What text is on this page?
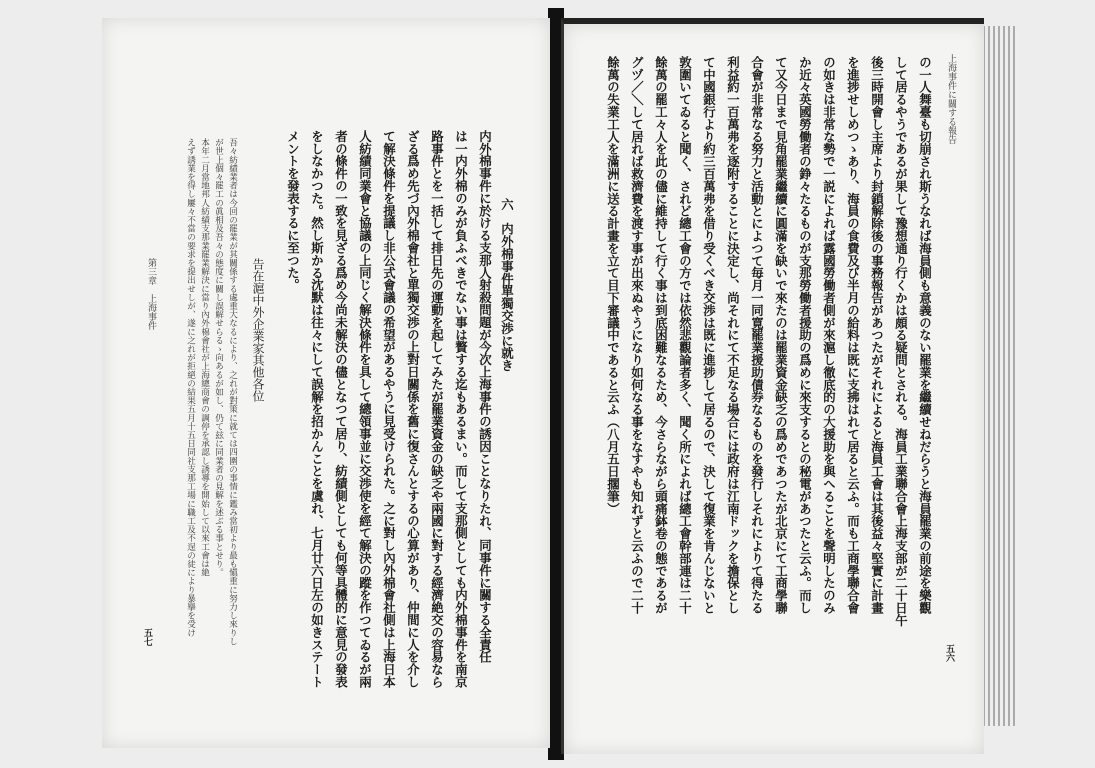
内外棉事件に於ける支那人射殺問題が今次上海事件の誘因ことなりたれ、同事件に關する全責任
は一内外棉のみが負ふべきでない事は贅する迄もあるまい。而して支那側としても内外棉事件を南京
路事件とを一括して排日先の運動を起してみたが罷業資金の缺乏や兩國に對する經濟絶交の容易なら
ざる爲め先づ內外棉會社と單獨交渉の上對日關係を舊に復さんとするの心算があり、仲間に人を介し
て解決條件を提議し非公式會議の希望があるやうに見受けられた。之に對し內外棉會社側は上海日本
人紡績同業會と協議の上同じく解決條件を具して總領事並に交渉使を經て解決の蹤を作つてゐるが兩
者の條件の一致を見ざる爲め今尚未解決の儘となつて居り、紡績側としても何等具體的に意見の發表
をしなかつた。然し斯かる沈默は往々にして誤解を招かんことを虞れ、七月廿六日左の如きステート
メントを發表するに至つた。	六　内外棉事件單獨交渉に就き
告在滬中外企業家其他各位
吾々紡績業者は今回の罷業が其關係する處重大なるにより、之れが對策に就ては四圍の事情に鑑み當初より最も愼重に努力し來りし
が世上個々罷工の眞相及吾々の態度に關し誤解せらるゝ向あるが如し、仍て玆に同業者の見解を述ぶる事とせり。
本年二月當地邦人紡績支那業罷業解決に當り內外棉會社が上海總商會の調停を承認し誘導を開始して以來工會は絶
えず誘業を得し屢々不當の要求を提出せしが、遂に之れが拒絕の結果五月十五日同社支那工場に職工及不逞の徒により暴擧を受け
第三章　上海事件
五七
上海事件に關する報告
五六
の一人舞臺も切崩され斯うなれば海員側も意義のない罷業を繼續せねだらうと海員罷業の前途を樂觀
して居るやうであるが果して豫想通り行くかは頗る疑問とされる。海員工業聯合會上海支部が二十日午
後三時開會し主席より封鎖解除後の事務報告があつたがそれによると海員工會は其後益々堅實に計畫
を進捗せしめつゝあり、海員の食費及び半月の給料は既に支拂はれて居ると云ふ。而も工商學聯合會
の如きは非常な勢で一説によれば露國勞働者側が來滬し徹底的の大援助を與へることを聲明したのみ
か近々英國勞働者の錚々たるものが支那勞働者援助の爲めに來支するとの秘電があつたと云ふ。而し
て又今日まで見角罷業繼續に圓滿を缺いで來たのは罷業資金缺乏の爲めであつたが北京にて工商學聯
合會が非常なる努力と活動とによつて毎月一同寛罷業援助債券なるものを發行しそれによりて得たる
利益約一百萬弗を逐附することに決定し、尚それにて不足なる場合には政府は江南ドックを擔保とし
て中國銀行より約三百萬弗を借り受くべき交渉は既に進捗して居るので、決して復業を肯んじないと
敦圍いてゐると聞く、されど總工會の方では依然悲觀論者多く、聞く所によれば總工會幹部連は二十
餘萬の罷工々人を此の儘に維持して行く事は到底困難なるため、今さらながら頭痛鉢卷の態であるが
グヅ／＼して居れば救濟費を渡す事が出來ぬやうになり如何なる事をなすやも知れずと云ふので二十
餘萬の失業工人を滿洲に送る計畫を立て目下審議中であると云ふ（八月五日擱筆）
